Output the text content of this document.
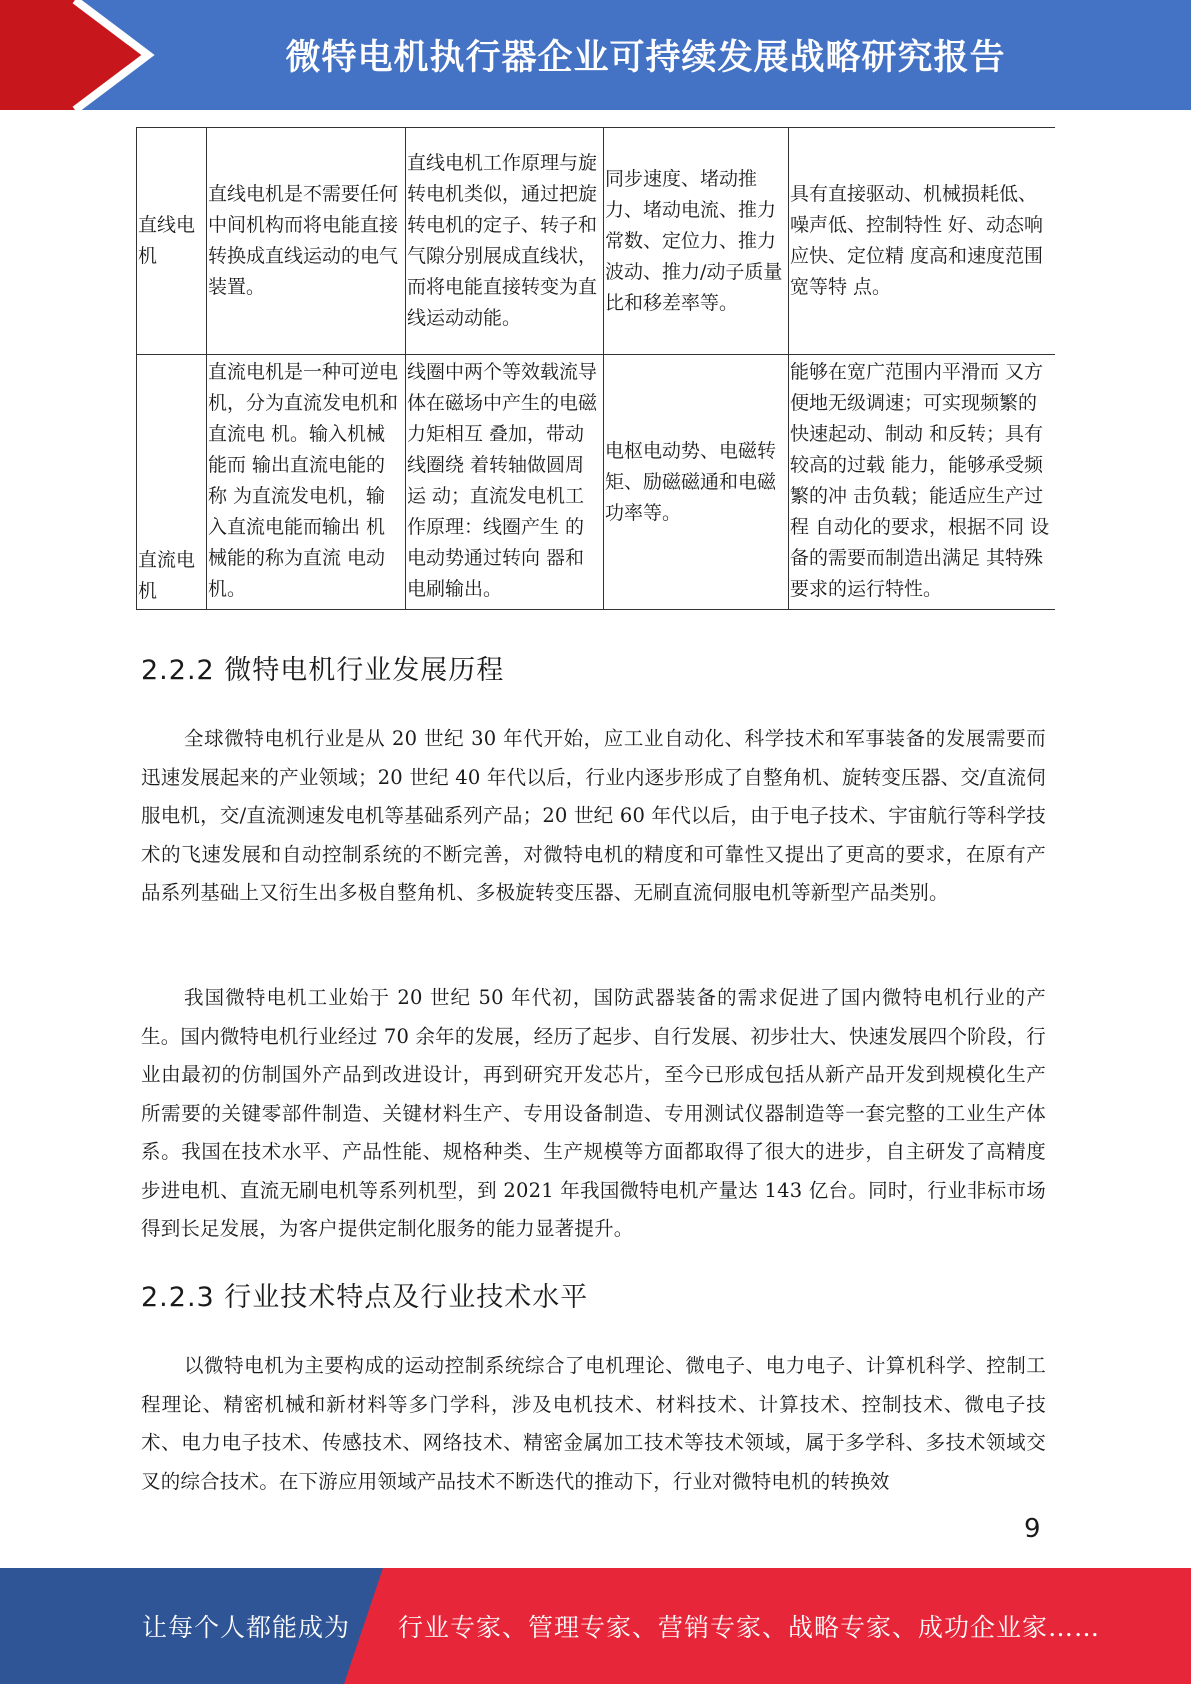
微特电机执行器企业可持续发展战略研究报告
直线电机	直线电机是不需要任何中间机构而将电能直接转换成直线运动的电气装置。	直线电机工作原理与旋转电机类似，通过把旋转电机的定子、转子和气隙分别展成直线状，而将电能直接转变为直线运动动能。	同步速度、堵动推力、堵动电流、推力常数、定位力、推力波动、推力/动子质量比和移差率等。	具有直接驱动、机械损耗低、噪声低、控制特性 好、动态响应快、定位精 度高和速度范围宽等特 点。
直流电机	直流电机是一种可逆电机，分为直流发电机和直流电 机。输入机械能而 输出直流电能的称 为直流发电机，输 入直流电能而输出 机械能的称为直流 电动机。	线圈中两个等效载流导体在磁场中产生的电磁力矩相互 叠加，带动线圈绕 着转轴做圆周运 动；直流发电机工 作原理：线圈产生 的电动势通过转向 器和电刷输出。	电枢电动势、电磁转矩、励磁磁通和电磁功率等。	能够在宽广范围内平滑而 又方便地无级调速；可实现频繁的快速起动、制动 和反转；具有较高的过载 能力，能够承受频繁的冲 击负载；能适应生产过程 自动化的要求，根据不同 设备的需要而制造出满足 其特殊要求的运行特性。
2.2.2 微特电机行业发展历程

全球微特电机行业是从 20 世纪 30 年代开始，应工业自动化、科学技术和军事装备的发展需要而迅速发展起来的产业领域；20 世纪 40 年代以后，行业内逐步形成了自整角机、旋转变压器、交/直流伺服电机，交/直流测速发电机等基础系列产品；20 世纪 60 年代以后，由于电子技术、宇宙航行等科学技术的飞速发展和自动控制系统的不断完善，对微特电机的精度和可靠性又提出了更高的要求，在原有产品系列基础上又衍生出多极自整角机、多极旋转变压器、无刷直流伺服电机等新型产品类别。

我国微特电机工业始于 20 世纪 50 年代初，国防武器装备的需求促进了国内微特电机行业的产生。国内微特电机行业经过 70 余年的发展，经历了起步、自行发展、初步壮大、快速发展四个阶段，行业由最初的仿制国外产品到改进设计，再到研究开发芯片，至今已形成包括从新产品开发到规模化生产所需要的关键零部件制造、关键材料生产、专用设备制造、专用测试仪器制造等一套完整的工业生产体系。我国在技术水平、产品性能、规格种类、生产规模等方面都取得了很大的进步，自主研发了高精度步进电机、直流无刷电机等系列机型，到 2021 年我国微特电机产量达 143 亿台。同时，行业非标市场得到长足发展，为客户提供定制化服务的能力显著提升。

2.2.3 行业技术特点及行业技术水平

以微特电机为主要构成的运动控制系统综合了电机理论、微电子、电力电子、计算机科学、控制工程理论、精密机械和新材料等多门学科，涉及电机技术、材料技术、计算技术、控制技术、微电子技术、电力电子技术、传感技术、网络技术、精密金属加工技术等技术领域，属于多学科、多技术领域交叉的综合技术。在下游应用领域产品技术不断迭代的推动下，行业对微特电机的转换效

9
让每个人都能成为 行业专家、管理专家、营销专家、战略专家、成功企业家……
